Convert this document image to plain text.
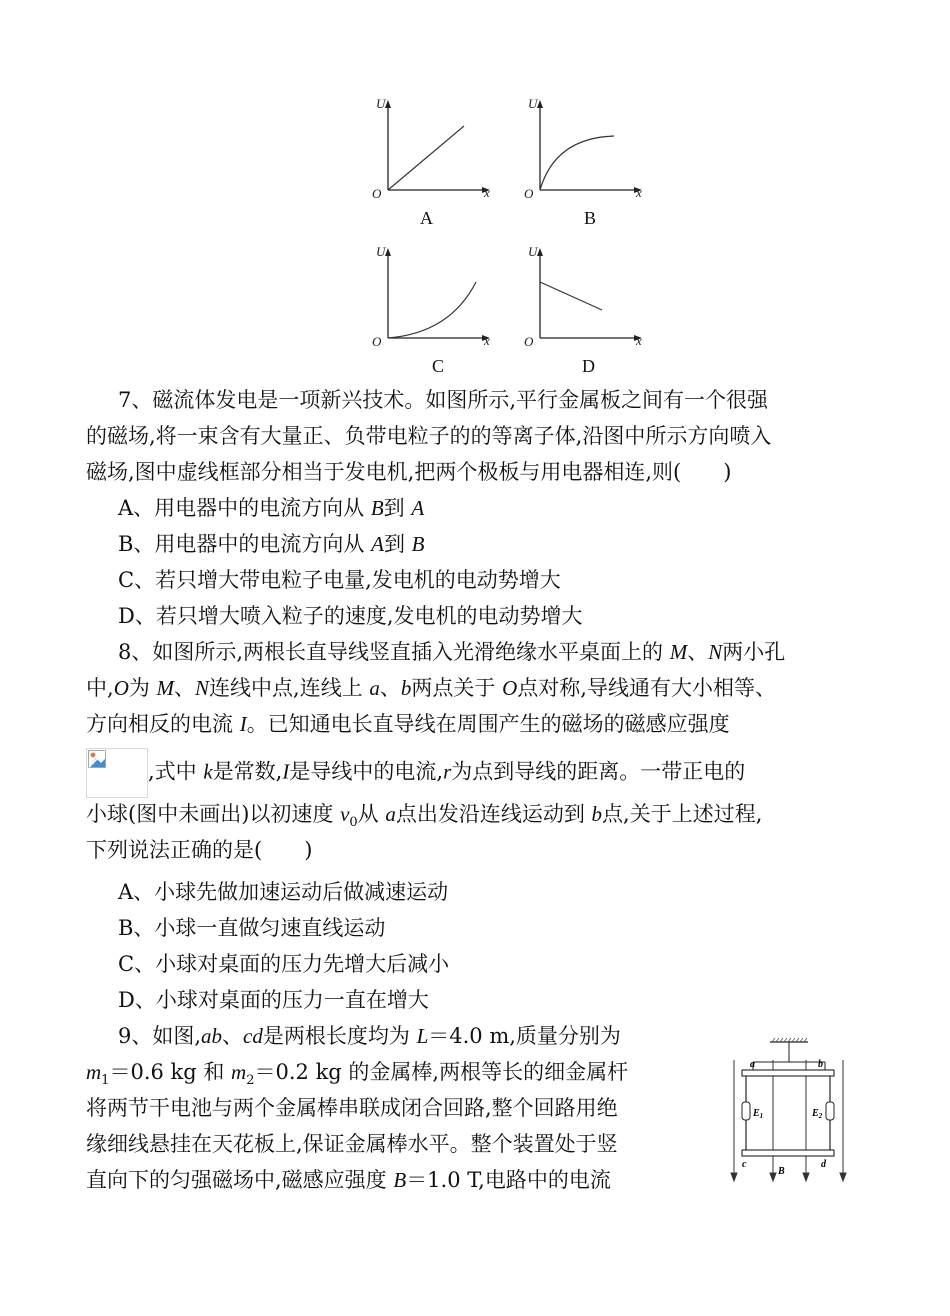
U
x
O
A
U
x
O
B
U
x
O
C
U
x
O
D
7、磁流体发电是一项新兴技术。如图所示,平行金属板之间有一个很强
的磁场,将一束含有大量正、负带电粒子的的等离子体,沿图中所示方向喷入
磁场,图中虚线框部分相当于发电机,把两个极板与用电器相连,则(　　)
A、用电器中的电流方向从 B到 A
B、用电器中的电流方向从 A到 B
C、若只增大带电粒子电量,发电机的电动势增大
D、若只增大喷入粒子的速度,发电机的电动势增大
8、如图所示,两根长直导线竖直插入光滑绝缘水平桌面上的 M、N两小孔
中,O为 M、N连线中点,连线上 a、b两点关于 O点对称,导线通有大小相等、
方向相反的电流 I。已知通电长直导线在周围产生的磁场的磁感应强度
,式中 k是常数,I是导线中的电流,r为点到导线的距离。一带正电的
小球(图中未画出)以初速度 $v_0$从 a点出发沿连线运动到 b点,关于上述过程,
下列说法正确的是(　　)
A、小球先做加速运动后做减速运动
B、小球一直做匀速直线运动
C、小球对桌面的压力先增大后减小
D、小球对桌面的压力一直在增大
9、如图,ab、cd是两根长度均为 L＝4.0 m,质量分别为
$m_1=0.6$ kg 和 $m_2=0.2$ kg 的金属棒,两根等长的细金属杆
将两节干电池与两个金属棒串联成闭合回路,整个回路用绝
缘细线悬挂在天花板上,保证金属棒水平。整个装置处于竖
直向下的匀强磁场中,磁感应强度 B＝1.0 T,电路中的电流
a	b
c	d
$E_1$	$E_2$
B
